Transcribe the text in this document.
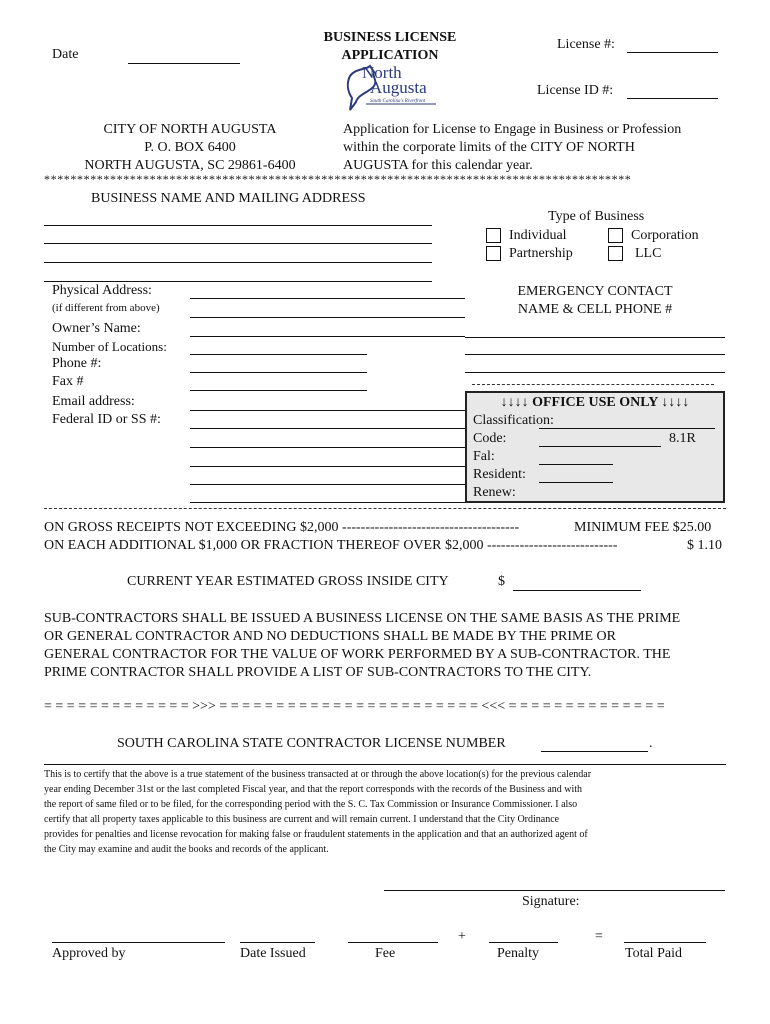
Date
BUSINESS LICENSE
APPLICATION
License #:
License ID #:
North
Augusta
South Carolina's Riverfront
CITY OF NORTH AUGUSTA
P. O. BOX 6400
NORTH AUGUSTA, SC 29861-6400
Application for License to Engage in Business or Profession
within the corporate limits of the CITY OF NORTH
AUGUSTA for this calendar year.
*****************************************************************************************
BUSINESS NAME AND MAILING ADDRESS
Type of Business
Individual	Corporation
Partnership	LLC
Physical Address:
(if different from above)
Owner’s Name:
Number of Locations:
Phone #:
Fax #
Email address:
Federal ID or SS #:
EMERGENCY CONTACT
NAME & CELL PHONE #
↓↓↓↓ OFFICE USE ONLY ↓↓↓↓
Classification:
Code:	8.1R
Fal:
Resident:
Renew:
ON GROSS RECEIPTS NOT EXCEEDING $2,000 --------------------------------------	MINIMUM FEE $25.00
ON EACH ADDITIONAL $1,000 OR FRACTION THEREOF OVER $2,000 ----------------------------	$ 1.10
CURRENT YEAR ESTIMATED GROSS INSIDE CITY	$
SUB-CONTRACTORS SHALL BE ISSUED A BUSINESS LICENSE ON THE SAME BASIS AS THE PRIME
OR GENERAL CONTRACTOR AND NO DEDUCTIONS SHALL BE MADE BY THE PRIME OR
GENERAL CONTRACTOR FOR THE VALUE OF WORK PERFORMED BY A SUB-CONTRACTOR. THE
PRIME CONTRACTOR SHALL PROVIDE A LIST OF SUB-CONTRACTORS TO THE CITY.
= = = = = = = = = = = = = >>> = = = = = = = = = = = = = = = = = = = = = = = <<< = = = = = = = = = = = = = =
SOUTH CAROLINA STATE CONTRACTOR LICENSE NUMBER	.
This is to certify that the above is a true statement of the business transacted at or through the above location(s) for the previous calendar
year ending December 31st or the last completed Fiscal year, and that the report corresponds with the records of the Business and with
the report of same filed or to be filed, for the corresponding period with the S. C. Tax Commission or Insurance Commissioner. I also
certify that all property taxes applicable to this business are current and will remain current. I understand that the City Ordinance
provides for penalties and license revocation for making false or fraudulent statements in the application and that an authorized agent of
the City may examine and audit the books and records of the applicant.
Signature:
Approved by	Date Issued	Fee
+
Penalty
=
Total Paid
